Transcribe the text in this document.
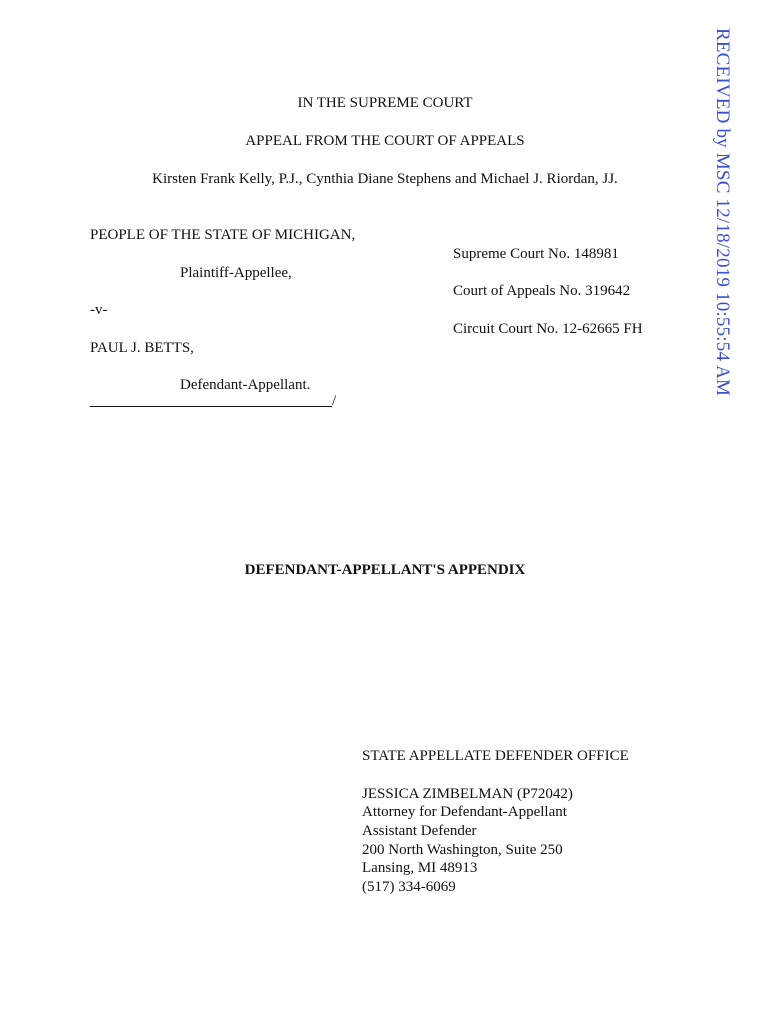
RECEIVED by MSC 12/18/2019 10:55:54 AM
IN THE SUPREME COURT
APPEAL FROM THE COURT OF APPEALS
Kirsten Frank Kelly, P.J., Cynthia Diane Stephens and Michael J. Riordan, JJ.
PEOPLE OF THE STATE OF MICHIGAN,
Plaintiff-Appellee,
-v-
PAUL J. BETTS,
Defendant-Appellant.
/
Supreme Court No. 148981
Court of Appeals No. 319642
Circuit Court No. 12-62665 FH
DEFENDANT-APPELLANT'S APPENDIX
STATE APPELLATE DEFENDER OFFICE
JESSICA ZIMBELMAN (P72042)
Attorney for Defendant-Appellant
Assistant Defender
200 North Washington, Suite 250
Lansing, MI 48913
(517) 334-6069
